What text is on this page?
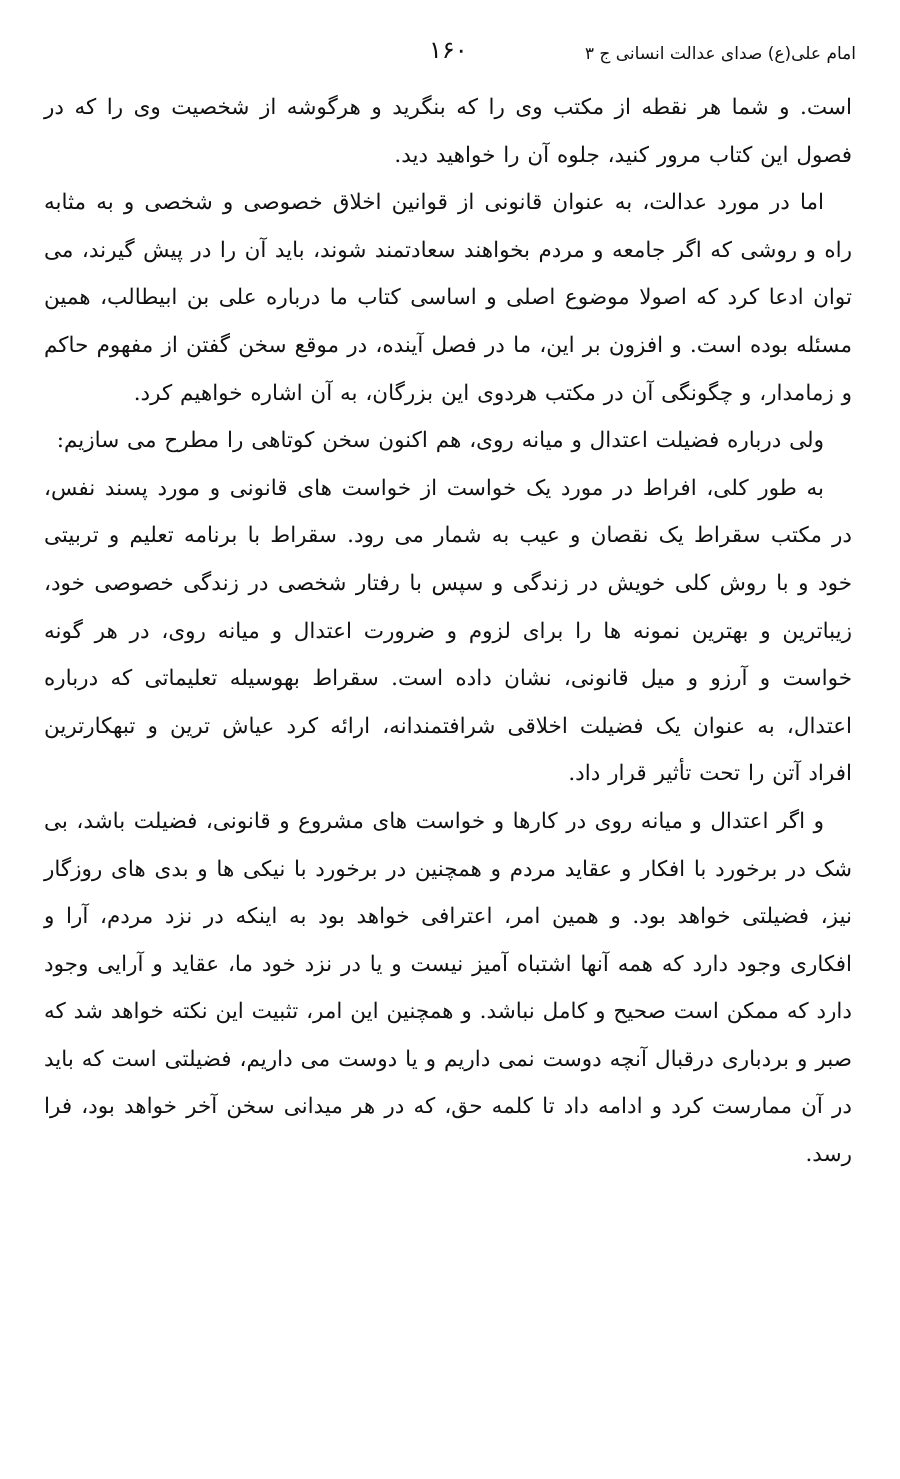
امام علی(ع) صدای عدالت انسانی ج ۳
۱۶۰

است. و شما هر نقطه از مکتب وی را که بنگرید و هرگوشه از شخصیت وی را که در فصول این کتاب مرور کنید، جلوه آن را خواهید دید.

اما در مورد عدالت، به عنوان قانونی از قوانین اخلاق خصوصی و شخصی و به مثابه راه و روشی که اگر جامعه و مردم بخواهند سعادتمند شوند، باید آن را در پیش گیرند، می توان ادعا کرد که اصولا موضوع اصلی و اساسی کتاب ما درباره علی بن ابیطالب، همین مسئله بوده است. و افزون بر این، ما در فصل آینده، در موقع سخن گفتن از مفهوم حاکم و زمامدار، و چگونگی آن در مکتب هردوی این بزرگان، به آن اشاره خواهیم کرد.

ولی درباره فضیلت اعتدال و میانه روی، هم اکنون سخن کوتاهی را مطرح می سازیم:

به طور کلی، افراط در مورد یک خواست از خواست های قانونی و مورد پسند نفس، در مکتب سقراط یک نقصان و عیب به شمار می رود. سقراط با برنامه تعلیم و تربیتی خود و با روش کلی خویش در زندگی و سپس با رفتار شخصی در زندگی خصوصی خود، زیباترین و بهترین نمونه ها را برای لزوم و ضرورت اعتدال و میانه روی، در هر گونه خواست و آرزو و میل قانونی، نشان داده است. سقراط بهوسیله تعلیماتی که درباره اعتدال، به عنوان یک فضیلت اخلاقی شرافتمندانه، ارائه کرد عیاش ترین و تبهکارترین افراد آتن را تحت تأثیر قرار داد.

و اگر اعتدال و میانه روی در کارها و خواست های مشروع و قانونی، فضیلت باشد، بی شک در برخورد با افکار و عقاید مردم و همچنین در برخورد با نیکی ها و بدی های روزگار نیز، فضیلتی خواهد بود. و همین امر، اعترافی خواهد بود به اینکه در نزد مردم، آرا و افکاری وجود دارد که همه آنها اشتباه آمیز نیست و یا در نزد خود ما، عقاید و آرایی وجود دارد که ممکن است صحیح و کامل نباشد. و همچنین این امر، تثبیت این نکته خواهد شد که صبر و بردباری درقبال آنچه دوست نمی داریم و یا دوست می داریم، فضیلتی است که باید در آن ممارست کرد و ادامه داد تا کلمه حق، که در هر میدانی سخن آخر خواهد بود، فرا رسد.
